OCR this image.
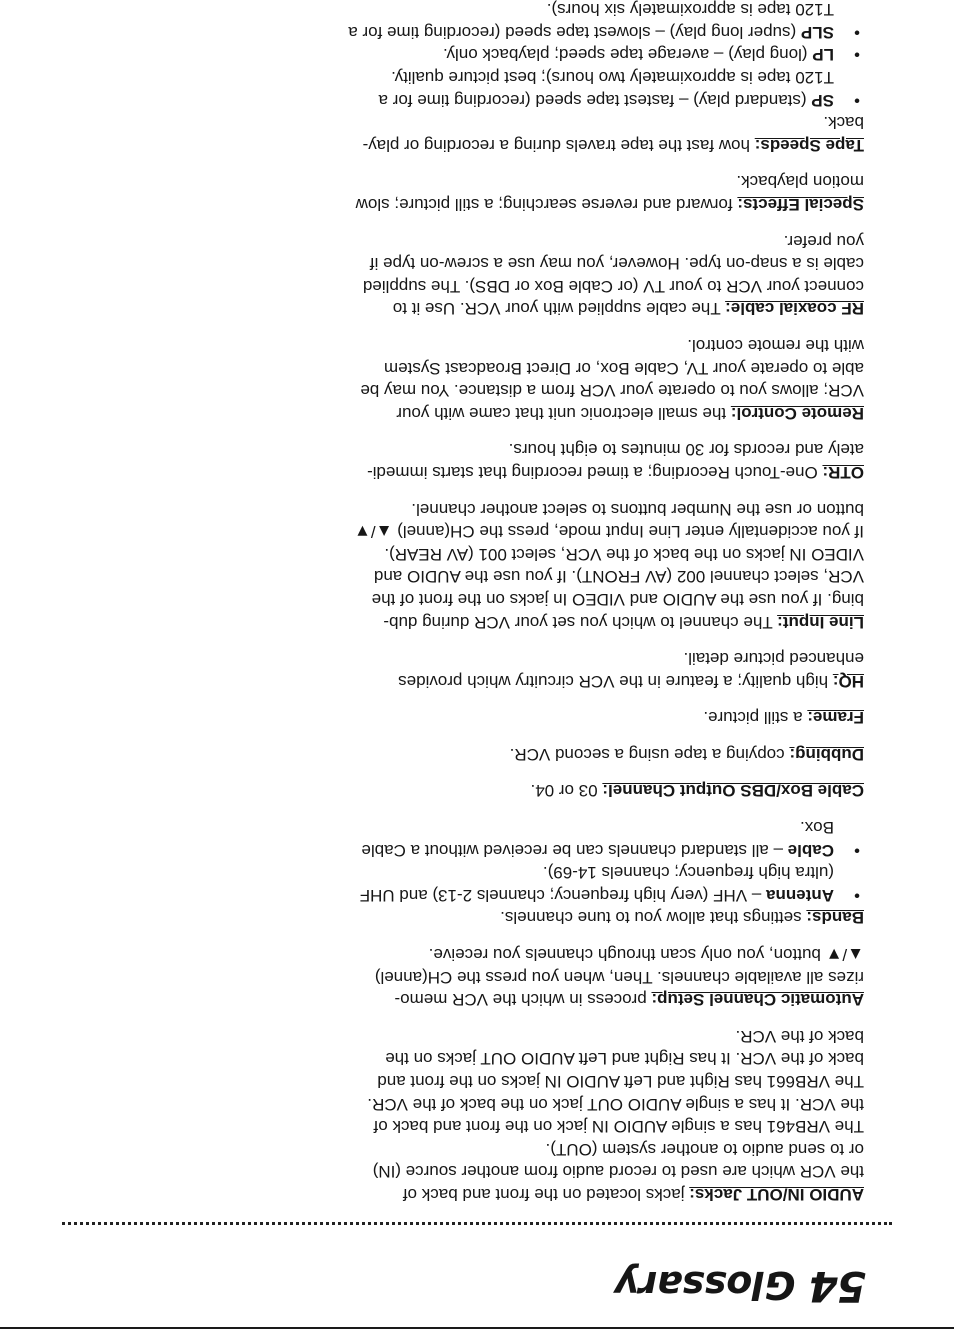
54
Glossary
AUDIO IN/OUT Jacks: jacks located on the front and back of
the VCR which are used to record audio from another source (IN)
or to send audio to another system (OUT).
The VRB461 has a single AUDIO IN jack on the front and back of
the VCR. It has a single AUDIO OUT jack on the back of the VCR.
The VRB661 has Right and Left AUDIO IN jacks on the front and
back of the VCR. It has Right and Left AUDIO OUT jacks on the
back of the VCR.
Automatic Channel Setup: process in which the VCR memo-
rizes all available channels. Then, when you press the CH(annel)
▲/▼ button, you only scan through channels you receive.
Bands: settings that allow you to tune channels.
•
Antenna – VHF (very high frequency; channels 2-13) and UHF
(ultra high frequency; channels 14-69).
•
Cable – all standard channels can be received without a Cable
Box.
Cable Box/DBS Output Channel: 03 or 04.
Dubbing: copying a tape using a second VCR.
Frame: a still picture.
HQ: high quality; a feature in the VCR circuitry which provides
enhanced picture detail.
Line Input: The channel to which you set your VCR during dub-
bing. If you use the AUDIO and VIDEO In jacks on the front of the
VCR, select channel 002 (AV FRONT). If you use the AUDIO and
VIDEO IN jacks on the back of the VCR, select 001 (AV REAR).
If you accidentally enter Line Input mode, press the CH(annel) ▲/▼
button or use the Number buttons to select another channel.
OTR: One-Touch Recording; a timed recording that starts immedi-
ately and records for 30 minutes to eight hours.
Remote Control: the small electronic unit that came with your
VCR; allows you to operate your VCR from a distance. You may be
able to operate your TV, Cable Box, or Direct Broadcast System
with the remote control.
RF coaxial cable: The cable supplied with your VCR. Use it to
connect your VCR to your TV (or Cable Box or DBS). The supplied
cable is a snap-on type. However, you may use a screw-on type if
you prefer.
Special Effects: forward and reverse searching; a still picture; slow
motion playback.
Tape Speeds: how fast the tape travels during a recording or play-
back.
•
SP (standard play) – fastest tape speed (recording time for a
T120 tape is approximately two hours); best picture quality.
•
LP (long play) – average tape speed; playback only.
•
SLP (super long play) – slowest tape speed (recording time for a
T120 tape is approximately six hours).
